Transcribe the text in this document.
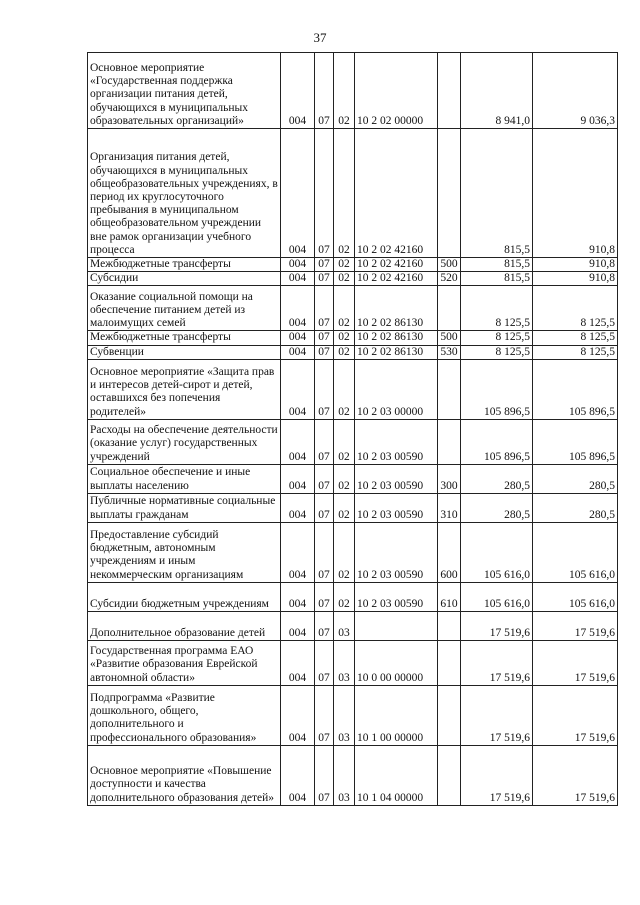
37
Основное мероприятие «Государственная поддержка организации питания детей, обучающихся в муниципальных образовательных организаций»	004	07	02	10 2 02 00000		8 941,0	9 036,3

Организация питания детей, обучающихся в муниципальных общеобразовательных учреждениях, в период их круглосуточного пребывания в муниципальном общеобразовательном учреждении вне рамок организации учебного процесса	004	07	02	10 2 02 42160		815,5	910,8

Межбюджетные трансферты	004	07	02	10 2 02 42160	500	815,5	910,8

Субсидии	004	07	02	10 2 02 42160	520	815,5	910,8

Оказание социальной помощи на обеспечение питанием детей из малоимущих семей	004	07	02	10 2 02 86130		8 125,5	8 125,5

Межбюджетные трансферты	004	07	02	10 2 02 86130	500	8 125,5	8 125,5

Субвенции	004	07	02	10 2 02 86130	530	8 125,5	8 125,5

Основное мероприятие «Защита прав и интересов детей-сирот и детей, оставшихся без попечения родителей»	004	07	02	10 2 03 00000		105 896,5	105 896,5

Расходы на обеспечение деятельности (оказание услуг) государственных учреждений	004	07	02	10 2 03 00590		105 896,5	105 896,5

Социальное обеспечение и иные выплаты населению	004	07	02	10 2 03 00590	300	280,5	280,5

Публичные нормативные социальные выплаты гражданам	004	07	02	10 2 03 00590	310	280,5	280,5

Предоставление субсидий бюджетным, автономным учреждениям и иным некоммерческим организациям	004	07	02	10 2 03 00590	600	105 616,0	105 616,0

Субсидии бюджетным учреждениям	004	07	02	10 2 03 00590	610	105 616,0	105 616,0

Дополнительное образование детей	004	07	03			17 519,6	17 519,6

Государственная программа ЕАО «Развитие образования Еврейской автономной области»	004	07	03	10 0 00 00000		17 519,6	17 519,6

Подпрограмма «Развитие дошкольного, общего, дополнительного и профессионального образования»	004	07	03	10 1 00 00000		17 519,6	17 519,6

Основное мероприятие «Повышение доступности и качества дополнительного образования детей»	004	07	03	10 1 04 00000		17 519,6	17 519,6
